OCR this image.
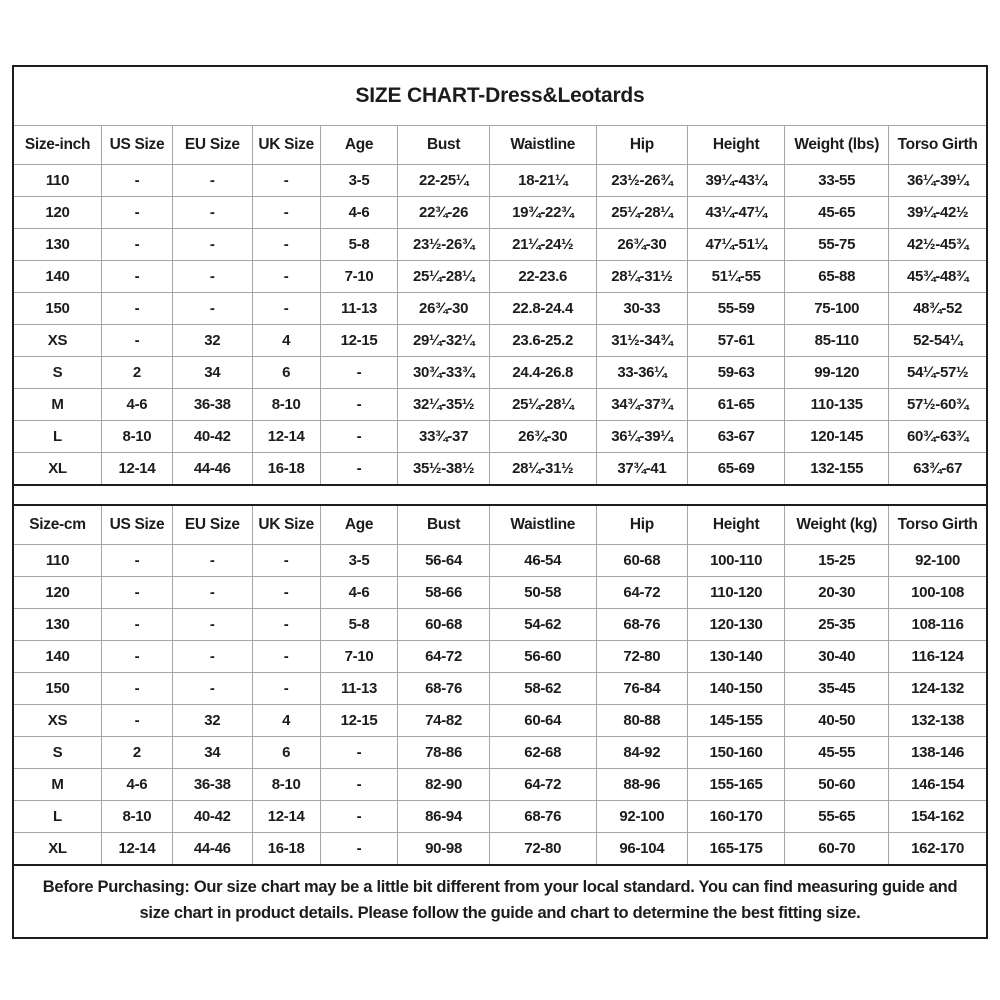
SIZE CHART-Dress&Leotards
Size-inch	US Size	EU Size	UK Size	Age	Bust	Waistline	Hip	Height	Weight (lbs)	Torso Girth
110	-	-	-	3-5	22-25¼	18-21¼	23½-26¾	39¼-43¼	33-55	36¼-39¼
120	-	-	-	4-6	22¾-26	19¾-22¾	25¼-28¼	43¼-47¼	45-65	39¼-42½
130	-	-	-	5-8	23½-26¾	21¼-24½	26¾-30	47¼-51¼	55-75	42½-45¾
140	-	-	-	7-10	25¼-28¼	22-23.6	28¼-31½	51¼-55	65-88	45¾-48¾
150	-	-	-	11-13	26¾-30	22.8-24.4	30-33	55-59	75-100	48¾-52
XS	-	32	4	12-15	29¼-32¼	23.6-25.2	31½-34¾	57-61	85-110	52-54¼
S	2	34	6	-	30¾-33¾	24.4-26.8	33-36¼	59-63	99-120	54¼-57½
M	4-6	36-38	8-10	-	32¼-35½	25¼-28¼	34¾-37¾	61-65	110-135	57½-60¾
L	8-10	40-42	12-14	-	33¾-37	26¾-30	36¼-39¼	63-67	120-145	60¾-63¾
XL	12-14	44-46	16-18	-	35½-38½	28¼-31½	37¾-41	65-69	132-155	63¾-67
Size-cm	US Size	EU Size	UK Size	Age	Bust	Waistline	Hip	Height	Weight (kg)	Torso Girth
110	-	-	-	3-5	56-64	46-54	60-68	100-110	15-25	92-100
120	-	-	-	4-6	58-66	50-58	64-72	110-120	20-30	100-108
130	-	-	-	5-8	60-68	54-62	68-76	120-130	25-35	108-116
140	-	-	-	7-10	64-72	56-60	72-80	130-140	30-40	116-124
150	-	-	-	11-13	68-76	58-62	76-84	140-150	35-45	124-132
XS	-	32	4	12-15	74-82	60-64	80-88	145-155	40-50	132-138
S	2	34	6	-	78-86	62-68	84-92	150-160	45-55	138-146
M	4-6	36-38	8-10	-	82-90	64-72	88-96	155-165	50-60	146-154
L	8-10	40-42	12-14	-	86-94	68-76	92-100	160-170	55-65	154-162
XL	12-14	44-46	16-18	-	90-98	72-80	96-104	165-175	60-70	162-170
Before Purchasing: Our size chart may be a little bit different from your local standard. You can find measuring guide and
size chart in product details. Please follow the guide and chart to determine the best fitting size.
